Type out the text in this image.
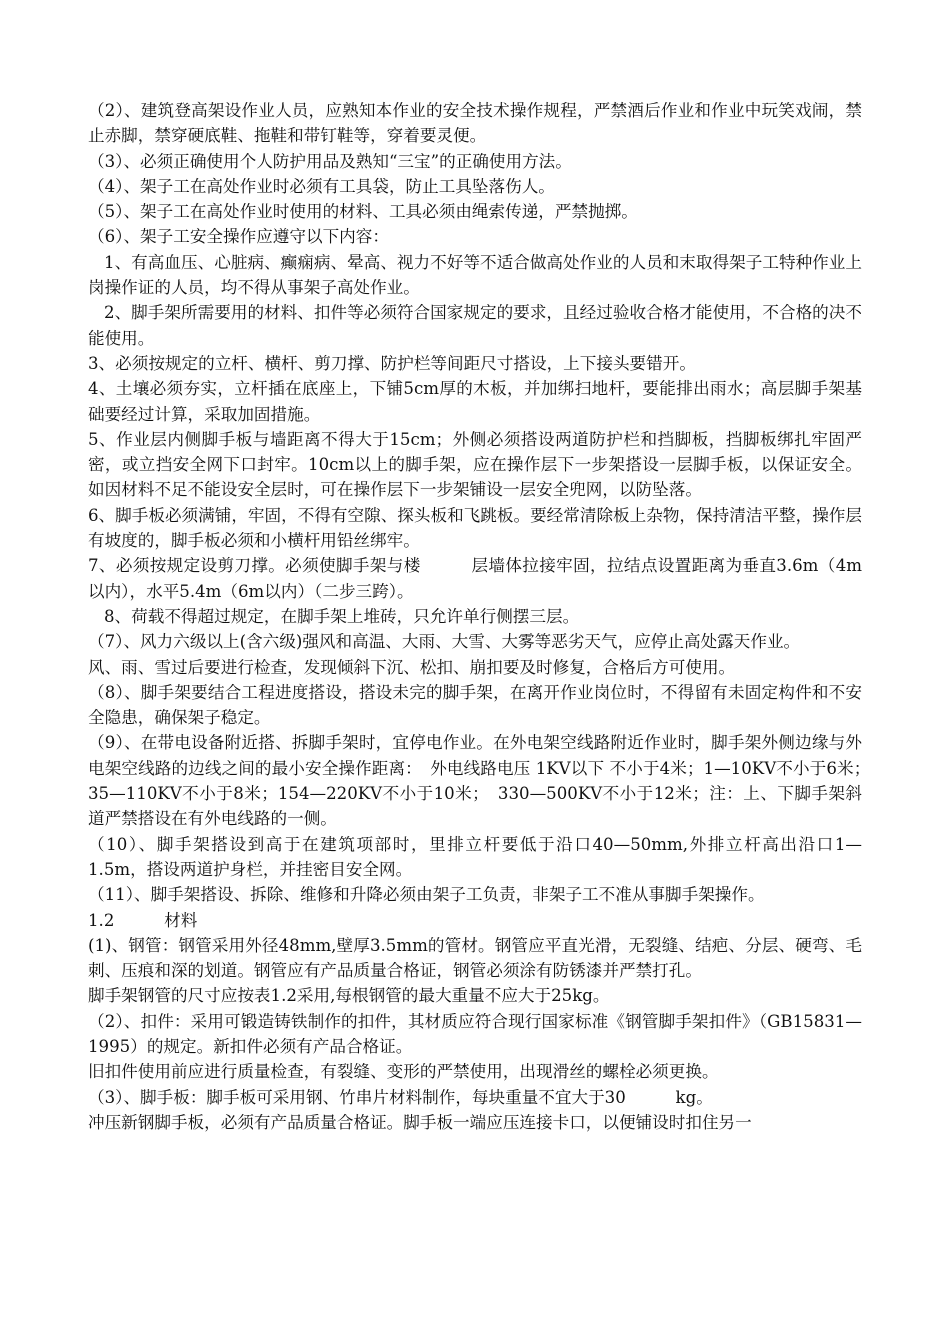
（2）、建筑登高架设作业人员，应熟知本作业的安全技术操作规程，严禁酒后作业和作业中玩笑戏闹，禁止赤脚，禁穿硬底鞋、拖鞋和带钉鞋等，穿着要灵便。

（3）、必须正确使用个人防护用品及熟知“三宝”的正确使用方法。

（4）、架子工在高处作业时必须有工具袋，防止工具坠落伤人。

（5）、架子工在高处作业时使用的材料、工具必须由绳索传递，严禁抛掷。

（6）、架子工安全操作应遵守以下内容：

1、有高血压、心脏病、癫痫病、晕高、视力不好等不适合做高处作业的人员和末取得架子工特种作业上岗操作证的人员，均不得从事架子高处作业。

2、脚手架所需要用的材料、扣件等必须符合国家规定的要求，且经过验收合格才能使用，不合格的决不能使用。

3、必须按规定的立杆、横杆、剪刀撑、防护栏等间距尺寸搭设，上下接头要错开。

4、土壤必须夯实，立杆插在底座上，下铺5cm厚的木板，并加绑扫地杆，要能排出雨水；高层脚手架基础要经过计算，采取加固措施。

5、作业层内侧脚手板与墙距离不得大于15cm；外侧必须搭设两道防护栏和挡脚板，挡脚板绑扎牢固严密，或立挡安全网下口封牢。10cm以上的脚手架，应在操作层下一步架搭设一层脚手板，以保证安全。如因材料不足不能设安全层时，可在操作层下一步架铺设一层安全兜网，以防坠落。

6、脚手板必须满铺，牢固，不得有空隙、探头板和飞跳板。要经常清除板上杂物，保持清洁平整，操作层有坡度的，脚手板必须和小横杆用铅丝绑牢。

7、必须按规定设剪刀撑。必须使脚手架与楼　　　层墙体拉接牢固，拉结点设置距离为垂直3.6m（4m以内），水平5.4m（6m以内）（二步三跨）。

8、荷载不得超过规定，在脚手架上堆砖，只允许单行侧摆三层。

（7）、风力六级以上(含六级)强风和高温、大雨、大雪、大雾等恶劣天气，应停止高处露天作业。

风、雨、雪过后要进行检查，发现倾斜下沉、松扣、崩扣要及时修复，合格后方可使用。

（8）、脚手架要结合工程进度搭设，搭设未完的脚手架，在离开作业岗位时，不得留有未固定构件和不安全隐患，确保架子稳定。

（9）、在带电设备附近搭、拆脚手架时，宜停电作业。在外电架空线路附近作业时，脚手架外侧边缘与外电架空线路的边线之间的最小安全操作距离：　外电线路电压 1KV以下 不小于4米；1—10KV不小于6米；　35—110KV不小于8米；154—220KV不小于10米；　330—500KV不小于12米；注：上、下脚手架斜道严禁搭设在有外电线路的一侧。

（10）、脚手架搭设到高于在建筑项部时，里排立杆要低于沿口40—50mm,外排立杆高出沿口1—1.5m，搭设两道护身栏，并挂密目安全网。

（11）、脚手架搭设、拆除、维修和升降必须由架子工负责，非架子工不准从事脚手架操作。

1.2　　　材料

(1)、钢管：钢管采用外径48mm,壁厚3.5mm的管材。钢管应平直光滑，无裂缝、结疤、分层、硬弯、毛刺、压痕和深的划道。钢管应有产品质量合格证，钢管必须涂有防锈漆并严禁打孔。

脚手架钢管的尺寸应按表1.2采用,每根钢管的最大重量不应大于25kg。

（2）、扣件：采用可锻造铸铁制作的扣件，其材质应符合现行国家标准《钢管脚手架扣件》（GB15831—1995）的规定。新扣件必须有产品合格证。

旧扣件使用前应进行质量检查，有裂缝、变形的严禁使用，出现滑丝的螺栓必须更换。

（3）、脚手板：脚手板可采用钢、竹串片材料制作，每块重量不宜大于30　　　kg。

冲压新钢脚手板，必须有产品质量合格证。脚手板一端应压连接卡口，以便铺设时扣住另一
